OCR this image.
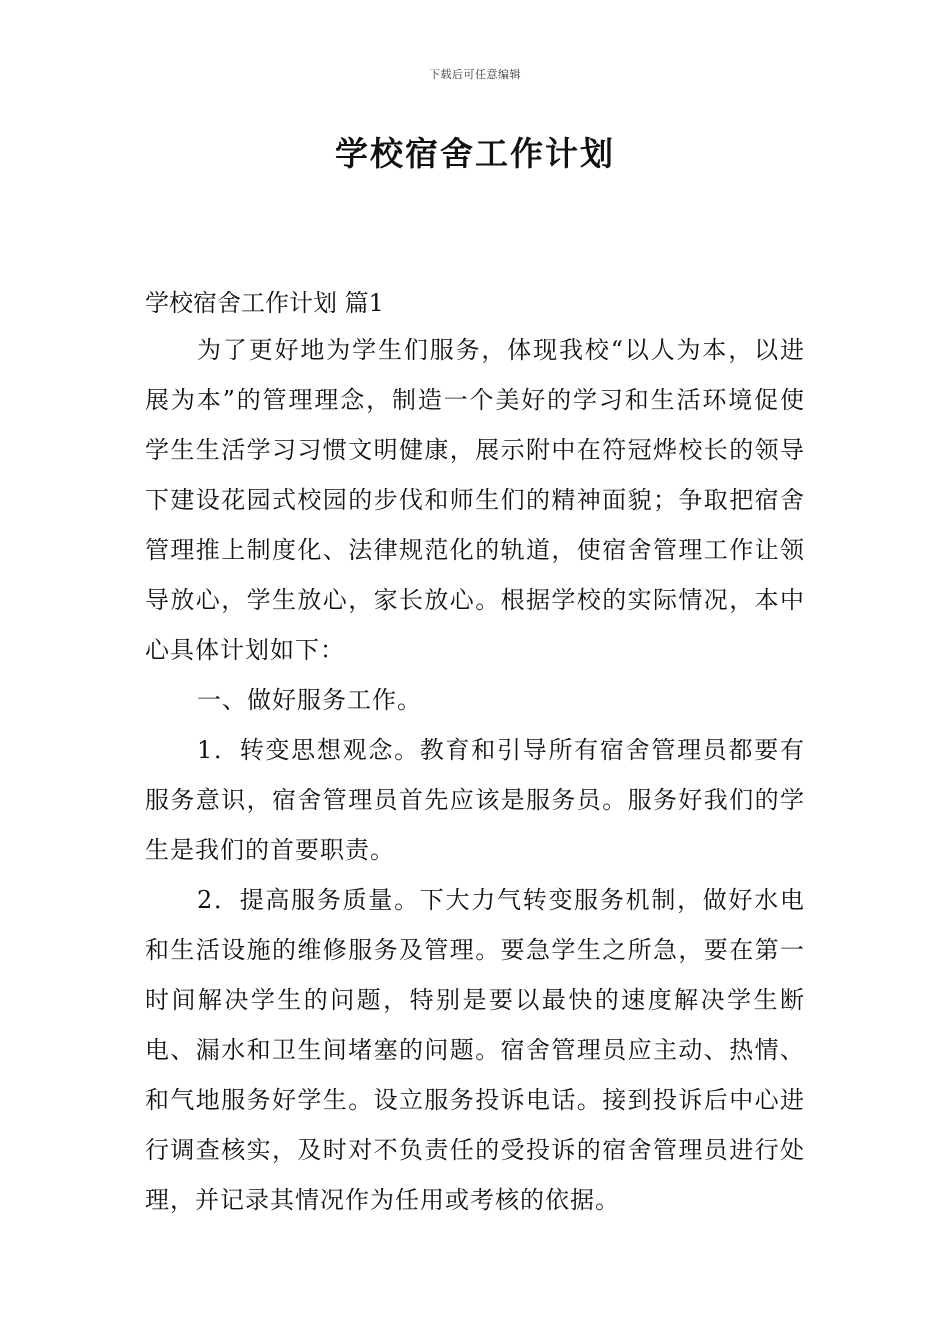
下载后可任意编辑
学校宿舍工作计划
学校宿舍工作计划 篇1

为了更好地为学生们服务，体现我校“以人为本，以进展为本”的管理理念，制造一个美好的学习和生活环境促使学生生活学习习惯文明健康，展示附中在符冠烨校长的领导下建设花园式校园的步伐和师生们的精神面貌；争取把宿舍管理推上制度化、法律规范化的轨道，使宿舍管理工作让领导放心，学生放心，家长放心。根据学校的实际情况，本中心具体计划如下：

一、做好服务工作。

1．转变思想观念。教育和引导所有宿舍管理员都要有服务意识，宿舍管理员首先应该是服务员。服务好我们的学生是我们的首要职责。

2．提高服务质量。下大力气转变服务机制，做好水电和生活设施的维修服务及管理。要急学生之所急，要在第一时间解决学生的问题，特别是要以最快的速度解决学生断电、漏水和卫生间堵塞的问题。宿舍管理员应主动、热情、和气地服务好学生。设立服务投诉电话。接到投诉后中心进行调查核实，及时对不负责任的受投诉的宿舍管理员进行处理，并记录其情况作为任用或考核的依据。
